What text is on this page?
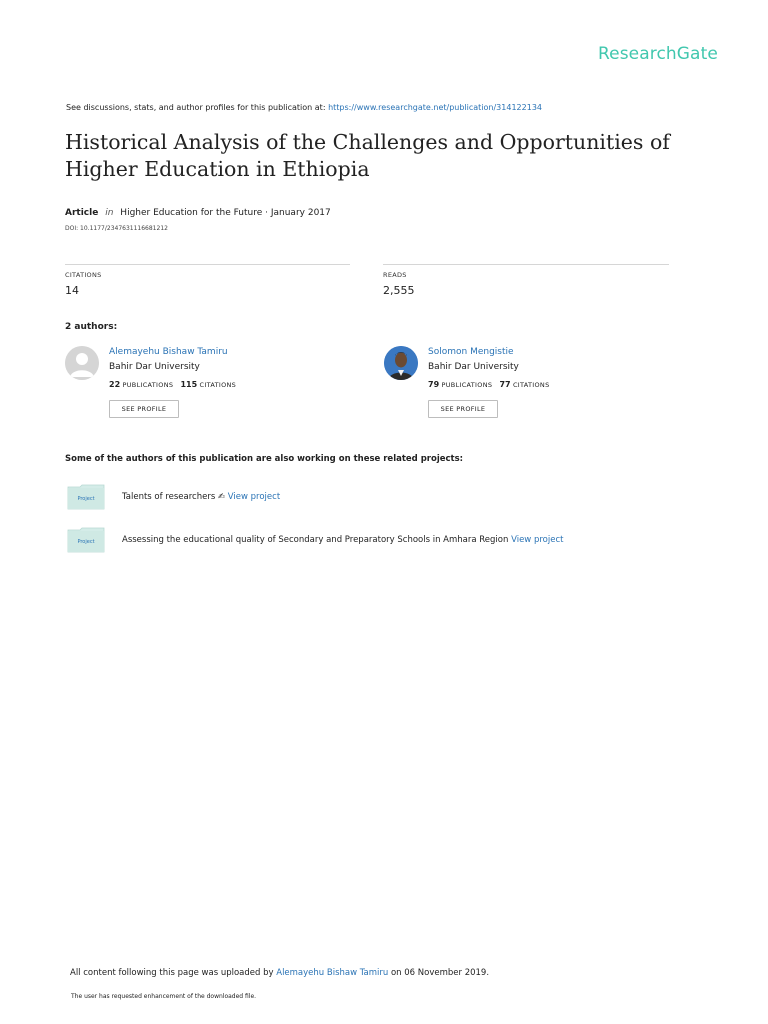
ResearchGate
See discussions, stats, and author profiles for this publication at: https://www.researchgate.net/publication/314122134
Historical Analysis of the Challenges and Opportunities of Higher Education in Ethiopia
Article in Higher Education for the Future · January 2017
DOI: 10.1177/2347631116681212
CITATIONS
14
READS
2,555
2 authors:
Alemayehu Bishaw Tamiru
Bahir Dar University
22 PUBLICATIONS 115 CITATIONS
SEE PROFILE
Solomon Mengistie
Bahir Dar University
79 PUBLICATIONS 77 CITATIONS
SEE PROFILE
Some of the authors of this publication are also working on these related projects:
Project	Talents of researchers ✍ View project
Project	Assessing the educational quality of Secondary and Preparatory Schools in Amhara Region View project
All content following this page was uploaded by Alemayehu Bishaw Tamiru on 06 November 2019.
The user has requested enhancement of the downloaded file.
